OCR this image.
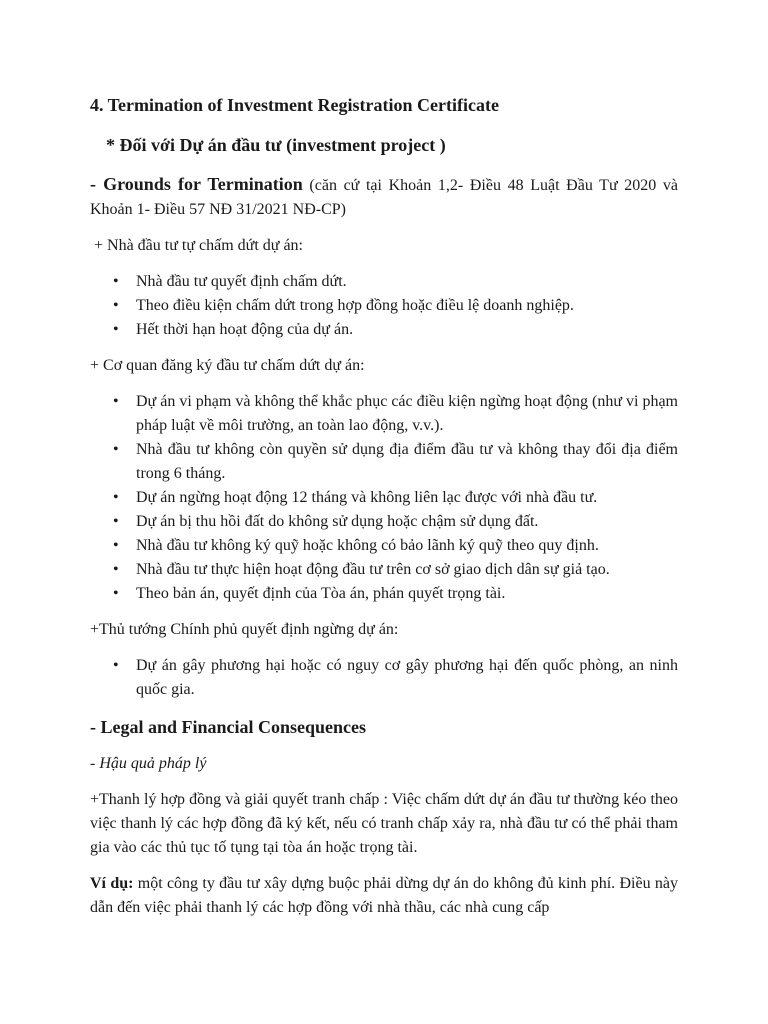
4. Termination of Investment Registration Certificate
* Đối với Dự án đầu tư (investment project )
- Grounds for Termination (căn cứ tại Khoản 1,2- Điều 48 Luật Đầu Tư 2020 và Khoản 1- Điều 57 NĐ 31/2021 NĐ-CP)
+ Nhà đầu tư tự chấm dứt dự án:
• Nhà đầu tư quyết định chấm dứt.
• Theo điều kiện chấm dứt trong hợp đồng hoặc điều lệ doanh nghiệp.
• Hết thời hạn hoạt động của dự án.
+ Cơ quan đăng ký đầu tư chấm dứt dự án:
• Dự án vi phạm và không thể khắc phục các điều kiện ngừng hoạt động (như vi phạm pháp luật về môi trường, an toàn lao động, v.v.).
• Nhà đầu tư không còn quyền sử dụng địa điểm đầu tư và không thay đổi địa điểm trong 6 tháng.
• Dự án ngừng hoạt động 12 tháng và không liên lạc được với nhà đầu tư.
• Dự án bị thu hồi đất do không sử dụng hoặc chậm sử dụng đất.
• Nhà đầu tư không ký quỹ hoặc không có bảo lãnh ký quỹ theo quy định.
• Nhà đầu tư thực hiện hoạt động đầu tư trên cơ sở giao dịch dân sự giả tạo.
• Theo bản án, quyết định của Tòa án, phán quyết trọng tài.
+Thủ tướng Chính phủ quyết định ngừng dự án:
• Dự án gây phương hại hoặc có nguy cơ gây phương hại đến quốc phòng, an ninh quốc gia.
- Legal and Financial Consequences
- Hậu quả pháp lý
+Thanh lý hợp đồng và giải quyết tranh chấp : Việc chấm dứt dự án đầu tư thường kéo theo việc thanh lý các hợp đồng đã ký kết, nếu có tranh chấp xảy ra, nhà đầu tư có thể phải tham gia vào các thủ tục tố tụng tại tòa án hoặc trọng tài.
Ví dụ: một công ty đầu tư xây dựng buộc phải dừng dự án do không đủ kinh phí. Điều này dẫn đến việc phải thanh lý các hợp đồng với nhà thầu, các nhà cung cấp
